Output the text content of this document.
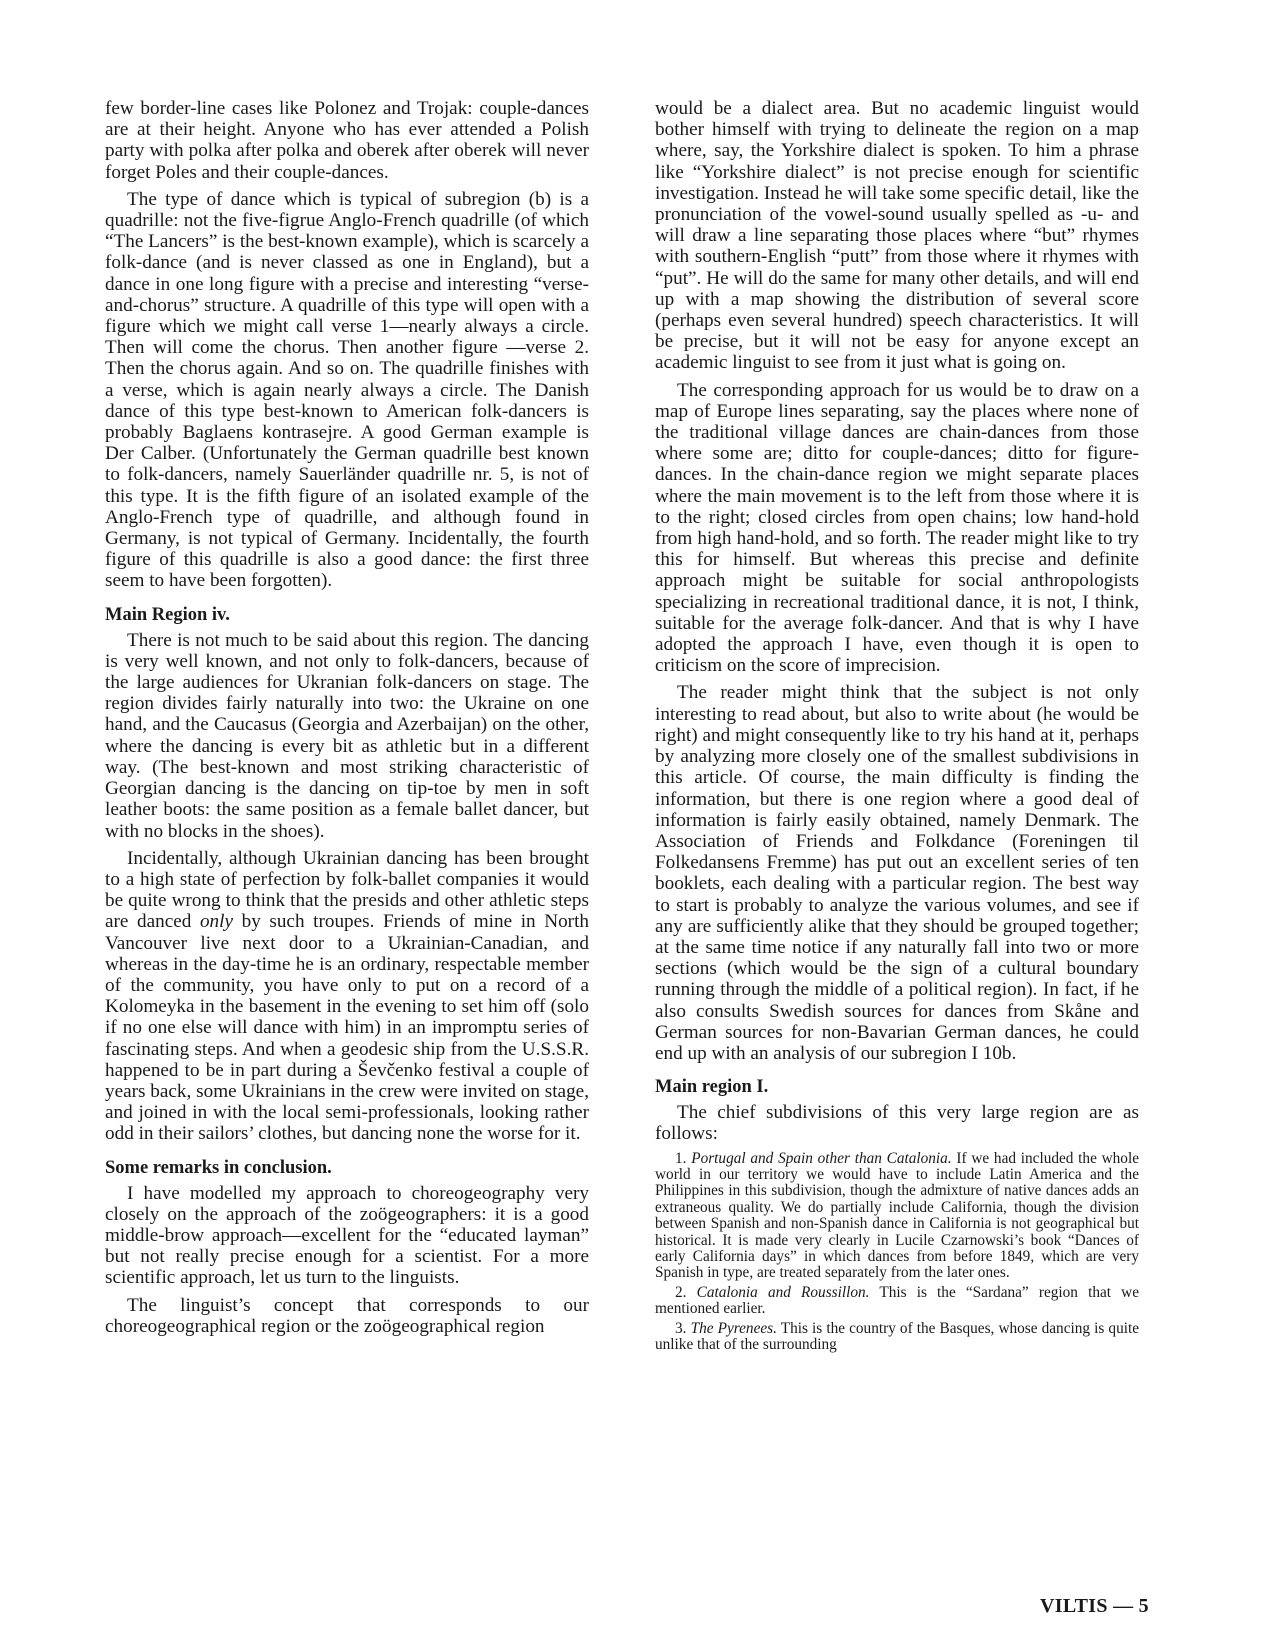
few border-line cases like Polonez and Trojak: couple-dances are at their height. Anyone who has ever attended a Polish party with polka after polka and oberek after oberek will never forget Poles and their couple-dances.

The type of dance which is typical of subregion (b) is a quadrille: not the five-figrue Anglo-French quadrille (of which “The Lancers” is the best-known example), which is scarcely a folk-dance (and is never classed as one in England), but a dance in one long figure with a precise and interesting “verse-and-chorus” structure. A quadrille of this type will open with a figure which we might call verse 1—nearly always a circle. Then will come the chorus. Then another figure —verse 2. Then the chorus again. And so on. The quadrille finishes with a verse, which is again nearly always a circle. The Danish dance of this type best-known to American folk-dancers is probably Baglaens kontrasejre. A good German example is Der Calber. (Unfortunately the German quadrille best known to folk-dancers, namely Sauerländer quadrille nr. 5, is not of this type. It is the fifth figure of an isolated example of the Anglo-French type of quadrille, and although found in Germany, is not typical of Germany. Incidentally, the fourth figure of this quadrille is also a good dance: the first three seem to have been forgotten).

Main Region iv.

There is not much to be said about this region. The dancing is very well known, and not only to folk-dancers, because of the large audiences for Ukranian folk-dancers on stage. The region divides fairly naturally into two: the Ukraine on one hand, and the Caucasus (Georgia and Azerbaijan) on the other, where the dancing is every bit as athletic but in a different way. (The best-known and most striking characteristic of Georgian dancing is the dancing on tip-toe by men in soft leather boots: the same position as a female ballet dancer, but with no blocks in the shoes).

Incidentally, although Ukrainian dancing has been brought to a high state of perfection by folk-ballet companies it would be quite wrong to think that the presids and other athletic steps are danced only by such troupes. Friends of mine in North Vancouver live next door to a Ukrainian-Canadian, and whereas in the day-time he is an ordinary, respectable member of the community, you have only to put on a record of a Kolomeyka in the basement in the evening to set him off (solo if no one else will dance with him) in an impromptu series of fascinating steps. And when a geodesic ship from the U.S.S.R. happened to be in part during a Ševčenko festival a couple of years back, some Ukrainians in the crew were invited on stage, and joined in with the local semi-professionals, looking rather odd in their sailors’ clothes, but dancing none the worse for it.

Some remarks in conclusion.

I have modelled my approach to choreogeography very closely on the approach of the zoögeographers: it is a good middle-brow approach—excellent for the “educated layman” but not really precise enough for a scientist. For a more scientific approach, let us turn to the linguists.

The linguist’s concept that corresponds to our choreogeographical region or the zoögeographical region

would be a dialect area. But no academic linguist would bother himself with trying to delineate the region on a map where, say, the Yorkshire dialect is spoken. To him a phrase like “Yorkshire dialect” is not precise enough for scientific investigation. Instead he will take some specific detail, like the pronunciation of the vowel-sound usually spelled as -u- and will draw a line separating those places where “but” rhymes with southern-English “putt” from those where it rhymes with “put”. He will do the same for many other details, and will end up with a map showing the distribution of several score (perhaps even several hundred) speech characteristics. It will be precise, but it will not be easy for anyone except an academic linguist to see from it just what is going on.

The corresponding approach for us would be to draw on a map of Europe lines separating, say the places where none of the traditional village dances are chain-dances from those where some are; ditto for couple-dances; ditto for figure-dances. In the chain-dance region we might separate places where the main movement is to the left from those where it is to the right; closed circles from open chains; low hand-hold from high hand-hold, and so forth. The reader might like to try this for himself. But whereas this precise and definite approach might be suitable for social anthropologists specializing in recreational traditional dance, it is not, I think, suitable for the average folk-dancer. And that is why I have adopted the approach I have, even though it is open to criticism on the score of imprecision.

The reader might think that the subject is not only interesting to read about, but also to write about (he would be right) and might consequently like to try his hand at it, perhaps by analyzing more closely one of the smallest subdivisions in this article. Of course, the main difficulty is finding the information, but there is one region where a good deal of information is fairly easily obtained, namely Denmark. The Association of Friends and Folkdance (Foreningen til Folkedansens Fremme) has put out an excellent series of ten booklets, each dealing with a particular region. The best way to start is probably to analyze the various volumes, and see if any are sufficiently alike that they should be grouped together; at the same time notice if any naturally fall into two or more sections (which would be the sign of a cultural boundary running through the middle of a political region). In fact, if he also consults Swedish sources for dances from Skåne and German sources for non-Bavarian German dances, he could end up with an analysis of our subregion I 10b.

Main region I.

The chief subdivisions of this very large region are as follows:

1. Portugal and Spain other than Catalonia. If we had included the whole world in our territory we would have to include Latin America and the Philippines in this subdivision, though the admixture of native dances adds an extraneous quality. We do partially include California, though the division between Spanish and non-Spanish dance in California is not geographical but historical. It is made very clearly in Lucile Czarnowski’s book “Dances of early California days” in which dances from before 1849, which are very Spanish in type, are treated separately from the later ones.

2. Catalonia and Roussillon. This is the “Sardana” region that we mentioned earlier.

3. The Pyrenees. This is the country of the Basques, whose dancing is quite unlike that of the surrounding

VILTIS — 5
